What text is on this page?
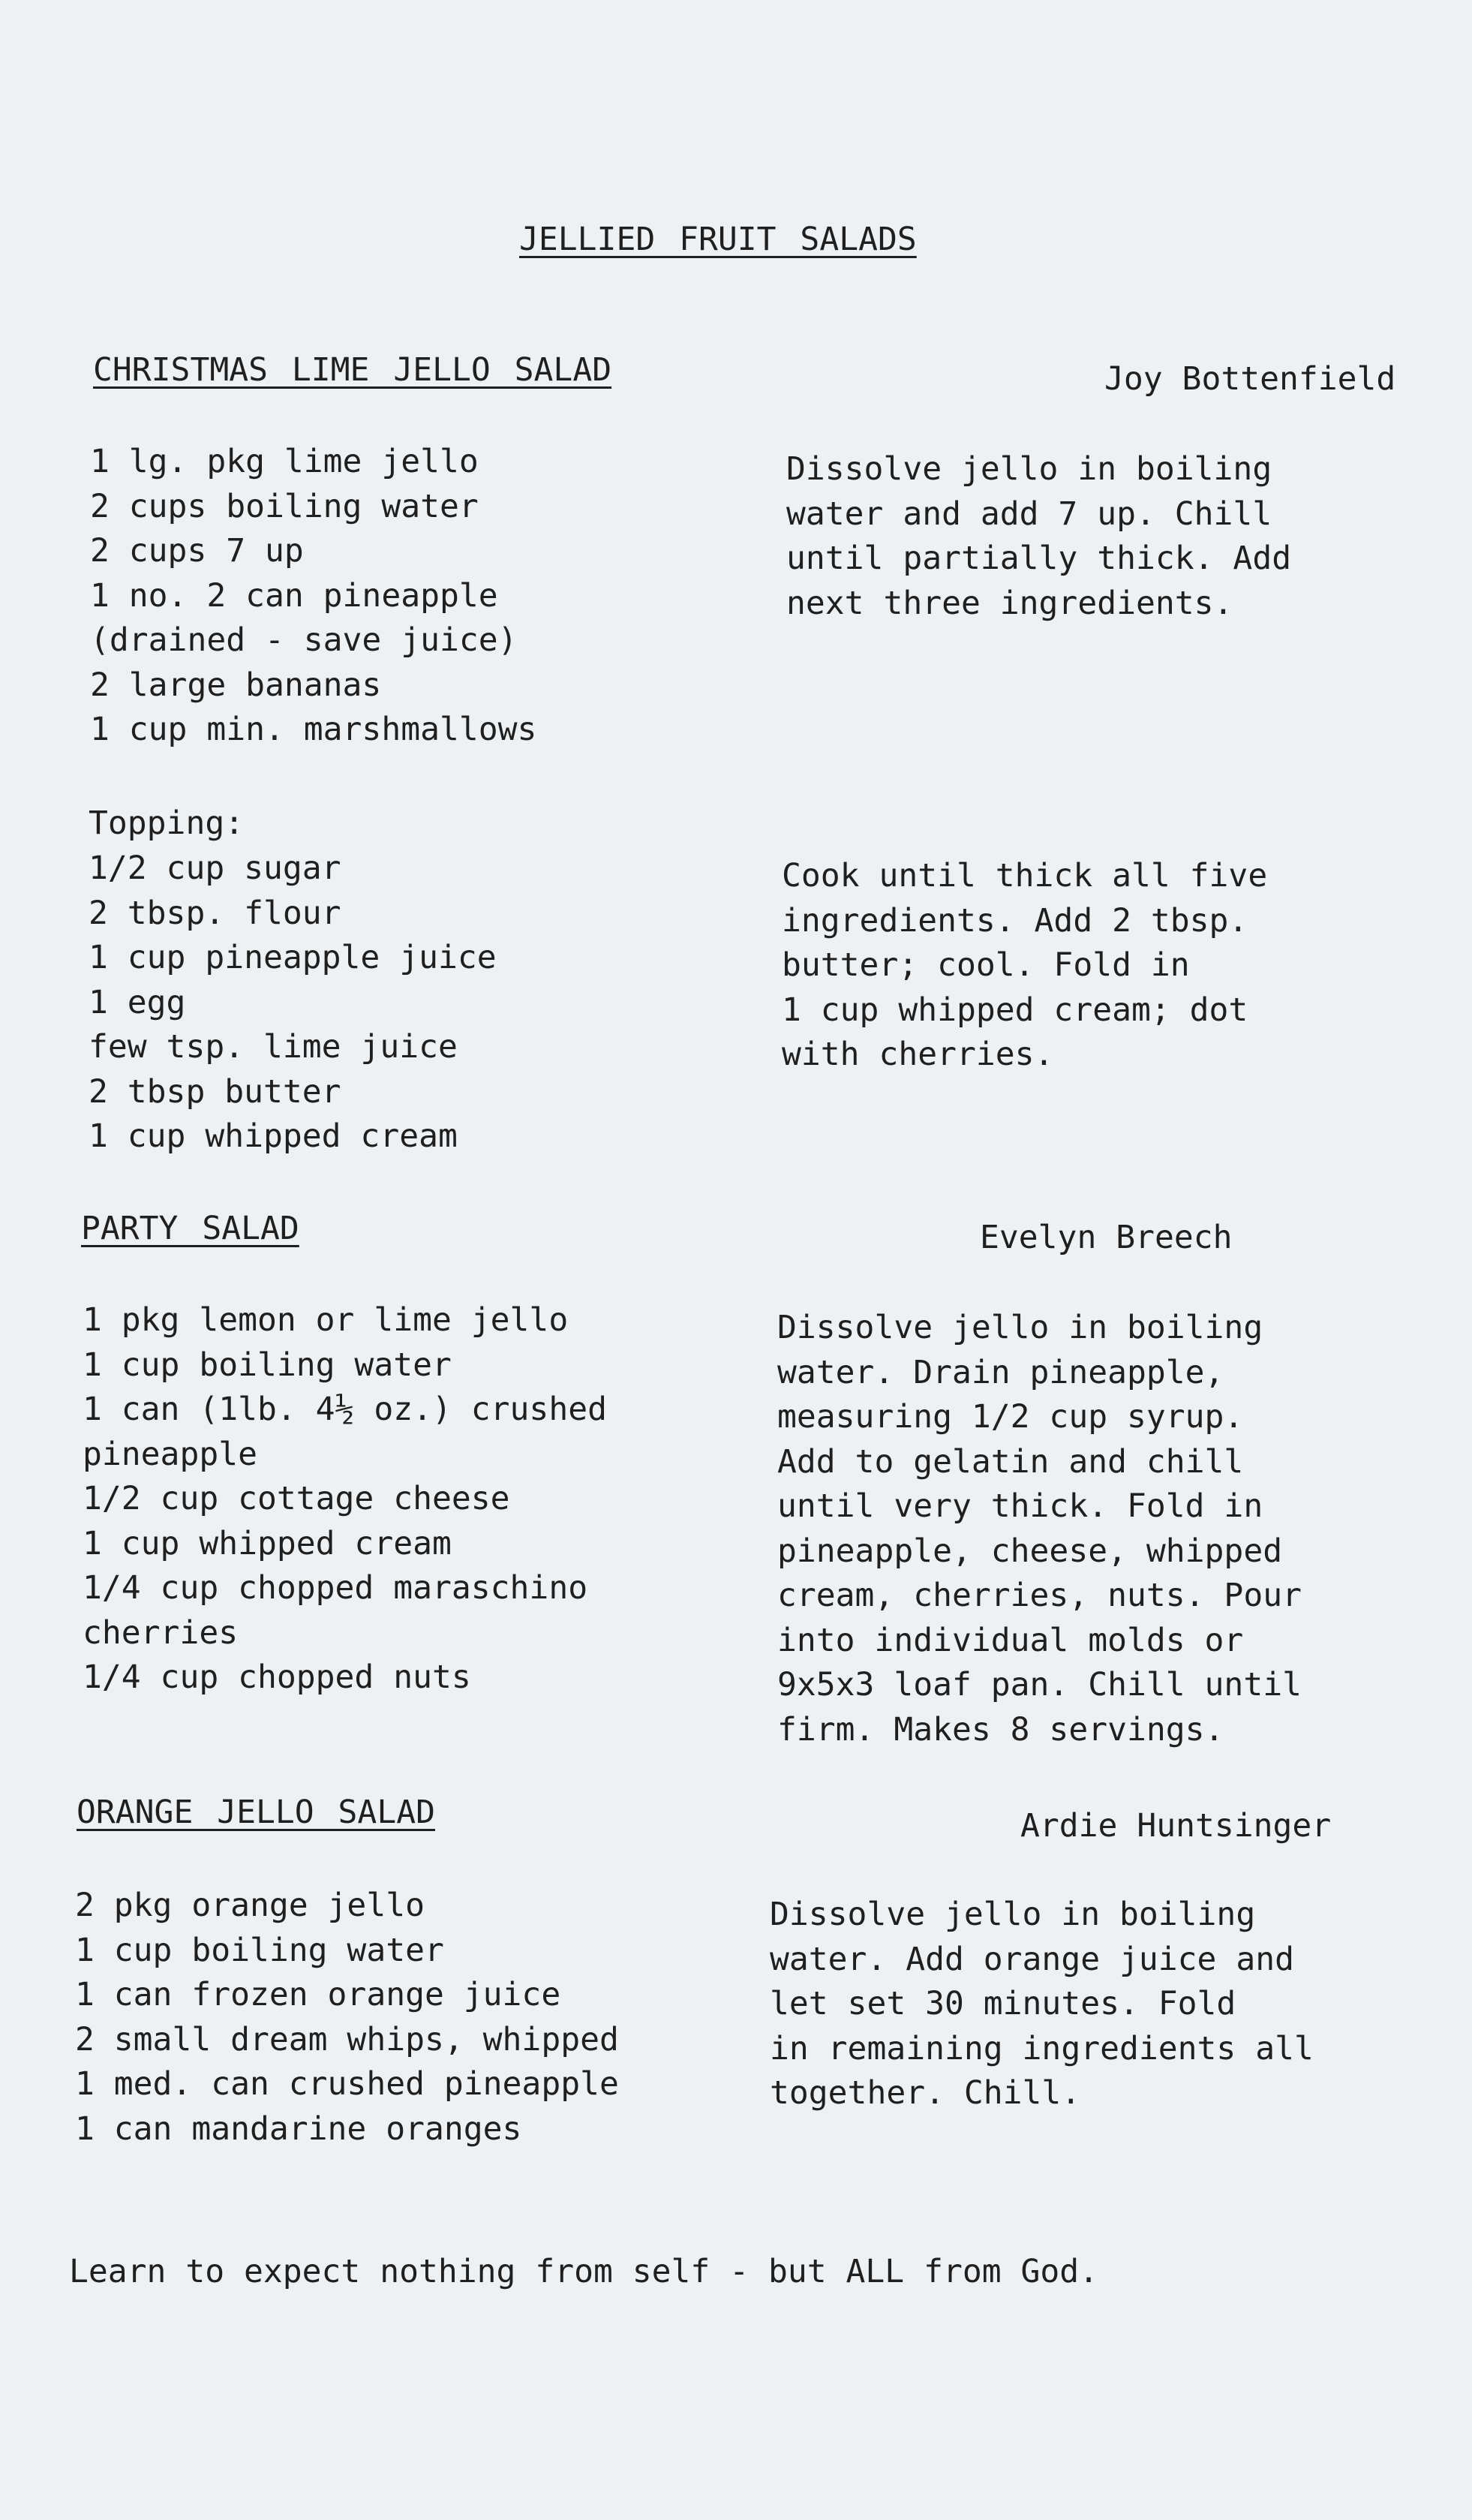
JELLIED FRUIT SALADS
CHRISTMAS LIME JELLO SALAD	Joy Bottenfield
1 lg. pkg lime jello
2 cups boiling water
2 cups 7 up
1 no. 2 can pineapple
(drained - save juice)
2 large bananas
1 cup min. marshmallows
Dissolve jello in boiling
water and add 7 up. Chill
until partially thick. Add
next three ingredients.
Topping:
1/2 cup sugar
2 tbsp. flour
1 cup pineapple juice
1 egg
few tsp. lime juice
2 tbsp butter
1 cup whipped cream
Cook until thick all five
ingredients. Add 2 tbsp.
butter; cool. Fold in
1 cup whipped cream; dot
with cherries.
PARTY SALAD	Evelyn Breech
1 pkg lemon or lime jello
1 cup boiling water
1 can (1lb. 4½ oz.) crushed
pineapple
1/2 cup cottage cheese
1 cup whipped cream
1/4 cup chopped maraschino
cherries
1/4 cup chopped nuts
Dissolve jello in boiling
water. Drain pineapple,
measuring 1/2 cup syrup.
Add to gelatin and chill
until very thick. Fold in
pineapple, cheese, whipped
cream, cherries, nuts. Pour
into individual molds or
9x5x3 loaf pan. Chill until
firm. Makes 8 servings.
ORANGE JELLO SALAD	Ardie Huntsinger
2 pkg orange jello
1 cup boiling water
1 can frozen orange juice
2 small dream whips, whipped
1 med. can crushed pineapple
1 can mandarine oranges
Dissolve jello in boiling
water. Add orange juice and
let set 30 minutes. Fold
in remaining ingredients all
together. Chill.
Learn to expect nothing from self - but ALL from God.
